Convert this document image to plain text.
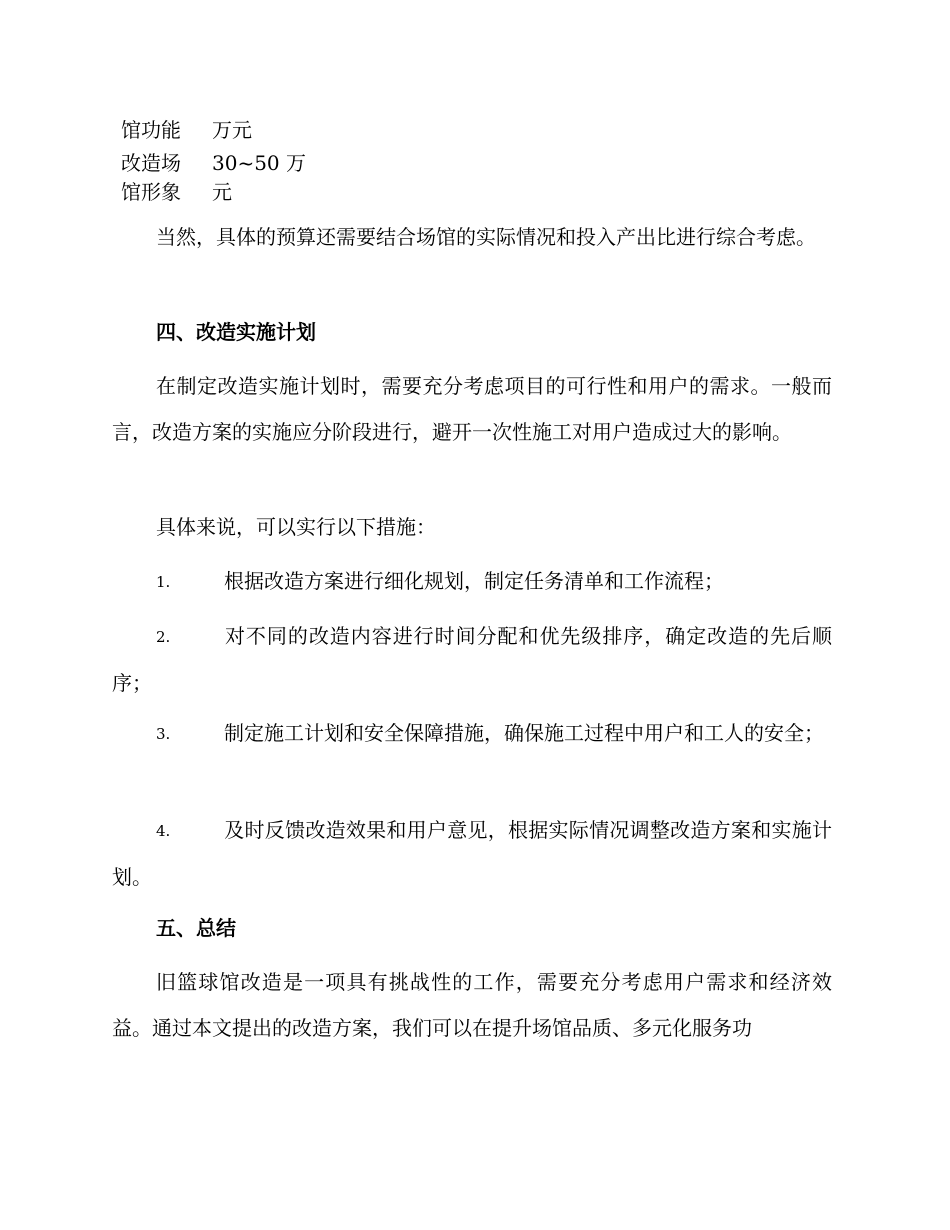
馆功能 万元
改造场 30~50 万
馆形象 元

当然，具体的预算还需要结合场馆的实际情况和投入产出比进行综合考虑。

四、改造实施计划

在制定改造实施计划时，需要充分考虑项目的可行性和用户的需求。一般而言，改造方案的实施应分阶段进行，避开一次性施工对用户造成过大的影响。

具体来说，可以实行以下措施：

1.	根据改造方案进行细化规划，制定任务清单和工作流程；

2.	对不同的改造内容进行时间分配和优先级排序，确定改造的先后顺序；

3.	制定施工计划和安全保障措施，确保施工过程中用户和工人的安全；

4.	及时反馈改造效果和用户意见，根据实际情况调整改造方案和实施计划。

五、总结

旧篮球馆改造是一项具有挑战性的工作，需要充分考虑用户需求和经济效益。通过本文提出的改造方案，我们可以在提升场馆品质、多元化服务功
